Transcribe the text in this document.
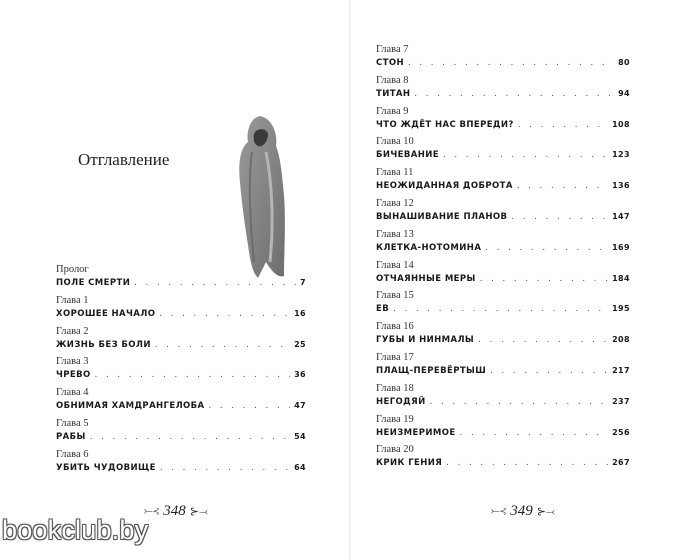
Отглавление
Пролог
ПОЛЕ СМЕРТИ . . .	7
Глава 1
ХОРОШЕЕ НАЧАЛО . . .	16
Глава 2
ЖИЗНЬ БЕЗ БОЛИ . . .	25
Глава 3
ЧРЕВО . . .	36
Глава 4
ОБНИМАЯ ХАМДРАНГЕЛОБА . . .	47
Глава 5
РАБЫ . . .	54
Глава 6
УБИТЬ ЧУДОВИЩЕ . . .	64
⤚⊰ 348 ⊱⤙
Глава 7
СТОН . . .	80
Глава 8
ТИТАН . . .	94
Глава 9
ЧТО ЖДЁТ НАС ВПЕРЕДИ? . . .	108
Глава 10
БИЧЕВАНИЕ . . .	123
Глава 11
НЕОЖИДАННАЯ ДОБРОТА . . .	136
Глава 12
ВЫНАШИВАНИЕ ПЛАНОВ . . .	147
Глава 13
КЛЕТКА-НОТОМИНА . . .	169
Глава 14
ОТЧАЯННЫЕ МЕРЫ . . .	184
Глава 15
ЕВ . . .	195
Глава 16
ГУБЫ И НИНМАЛЫ . . .	208
Глава 17
ПЛАЩ-ПЕРЕВЁРТЫШ . . .	217
Глава 18
НЕГОДЯЙ . . .	237
Глава 19
НЕИЗМЕРИМОЕ . . .	256
Глава 20
КРИК ГЕНИЯ . . .	267
⤚⊰ 349 ⊱⤙
bookclub.by
